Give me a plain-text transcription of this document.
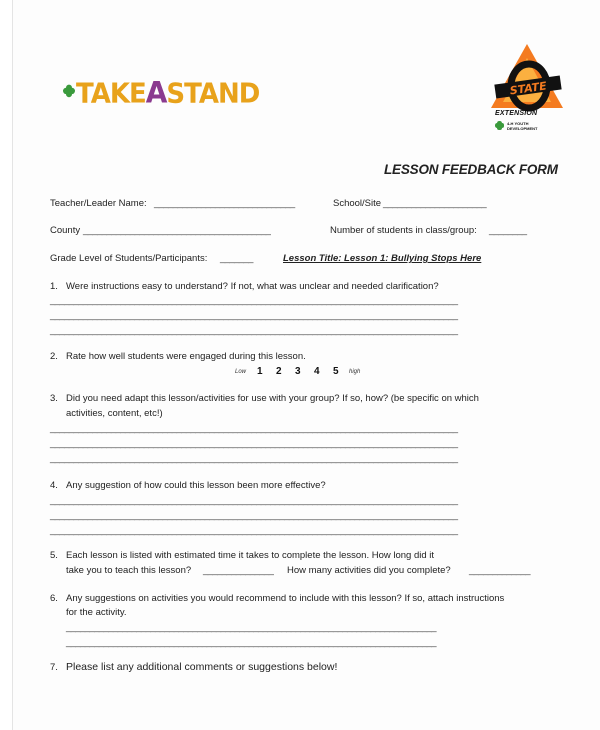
TAKEASTAND	STATE
EXTENSION
4-H YOUTH
DEVELOPMENT
LESSON FEEDBACK FORM
Teacher/Leader Name: ______________________________	School/Site ______________________
County ________________________________________	Number of students in class/group: ________
Grade Level of Students/Participants: _______	Lesson Title: Lesson 1: Bullying Stops Here
1. Were instructions easy to understand? If not, what was unclear and needed clarification?
_______________________________________________________________________________________
_______________________________________________________________________________________
_______________________________________________________________________________________
2. Rate how well students were engaged during this lesson.
Low 1 2 3 4 5 high
3. Did you need adapt this lesson/activities for use with your group? If so, how? (be specific on which
activities, content, etc!)
_______________________________________________________________________________________
_______________________________________________________________________________________
_______________________________________________________________________________________
4. Any suggestion of how could this lesson been more effective?
_______________________________________________________________________________________
_______________________________________________________________________________________
_______________________________________________________________________________________
5. Each lesson is listed with estimated time it takes to complete the lesson. How long did it
take you to teach this lesson? _______________ How many activities did you complete? _____________
6. Any suggestions on activities you would recommend to include with this lesson? If so, attach instructions
for the activity.
_______________________________________________________________________________
_______________________________________________________________________________
7. Please list any additional comments or suggestions below!
